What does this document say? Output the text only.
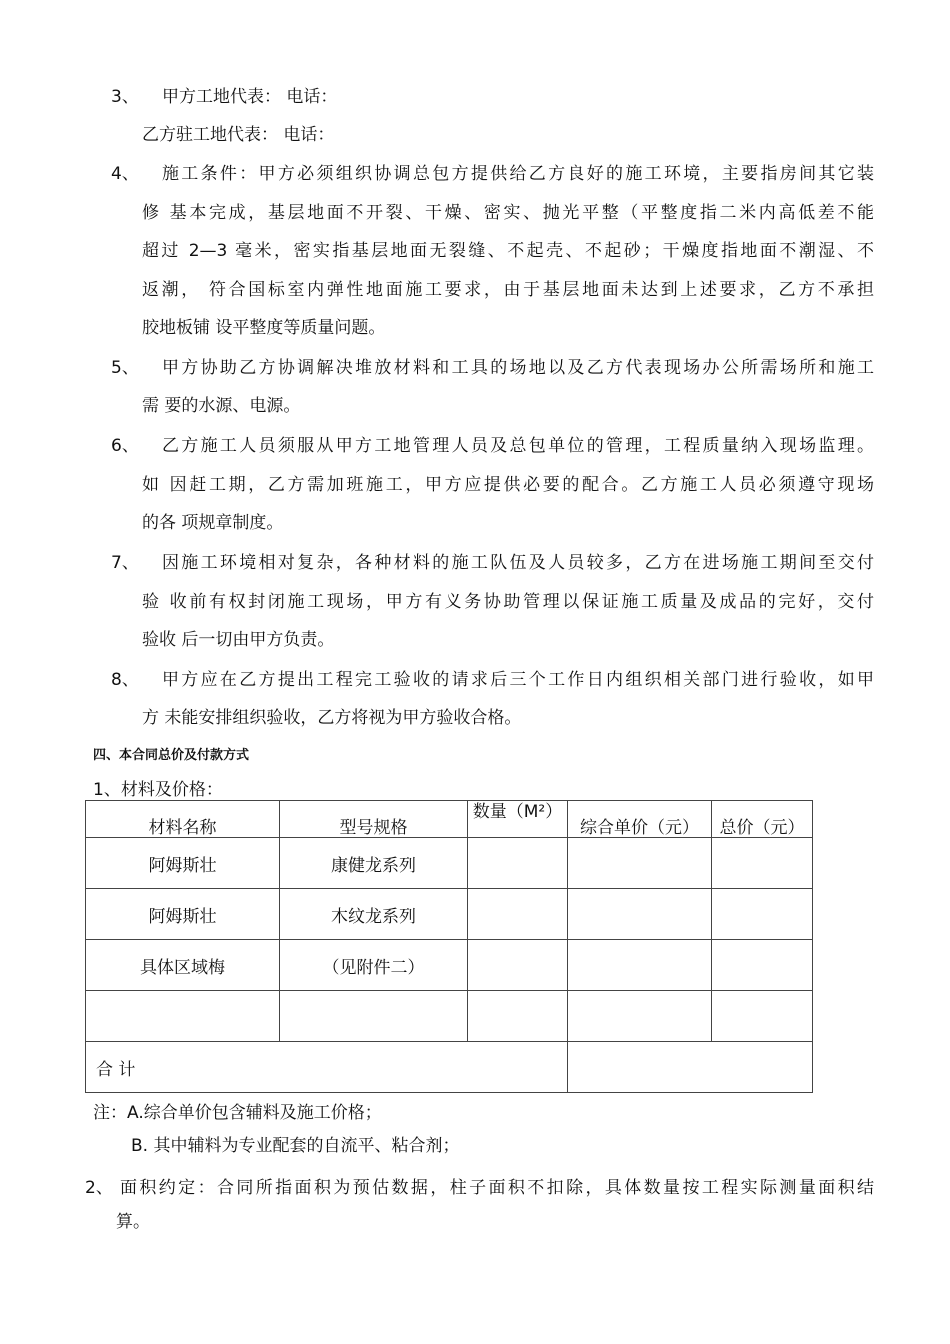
3、 甲方工地代表： 电话：
乙方驻工地代表： 电话：
4、 施工条件：甲方必须组织协调总包方提供给乙方良好的施工环境，主要指房间其它装
修 基本完成，基层地面不开裂、干燥、密实、抛光平整（平整度指二米内高低差不能
超过 2—3 毫米，密实指基层地面无裂缝、不起壳、不起砂；干燥度指地面不潮湿、不
返潮， 符合国标室内弹性地面施工要求，由于基层地面未达到上述要求，乙方不承担
胶地板铺 设平整度等质量问题。
5、 甲方协助乙方协调解决堆放材料和工具的场地以及乙方代表现场办公所需场所和施工
需 要的水源、电源。
6、 乙方施工人员须服从甲方工地管理人员及总包单位的管理，工程质量纳入现场监理。
如 因赶工期，乙方需加班施工，甲方应提供必要的配合。乙方施工人员必须遵守现场
的各 项规章制度。
7、 因施工环境相对复杂，各种材料的施工队伍及人员较多，乙方在进场施工期间至交付
验 收前有权封闭施工现场，甲方有义务协助管理以保证施工质量及成品的完好，交付
验收 后一切由甲方负责。
8、 甲方应在乙方提出工程完工验收的请求后三个工作日内组织相关部门进行验收，如甲
方 未能安排组织验收，乙方将视为甲方验收合格。
四、本合同总价及付款方式
1、材料及价格：
材料名称	型号规格	数量（M²）	综合单价（元）	总价（元）
阿姆斯壮	康健龙系列			
阿姆斯壮	木纹龙系列			
具体区域梅	（见附件二）			

合 计				
注：A.综合单价包含辅料及施工价格；
B. 其中辅料为专业配套的自流平、粘合剂；
2、 面积约定：合同所指面积为预估数据，柱子面积不扣除，具体数量按工程实际测量面积结
算。
